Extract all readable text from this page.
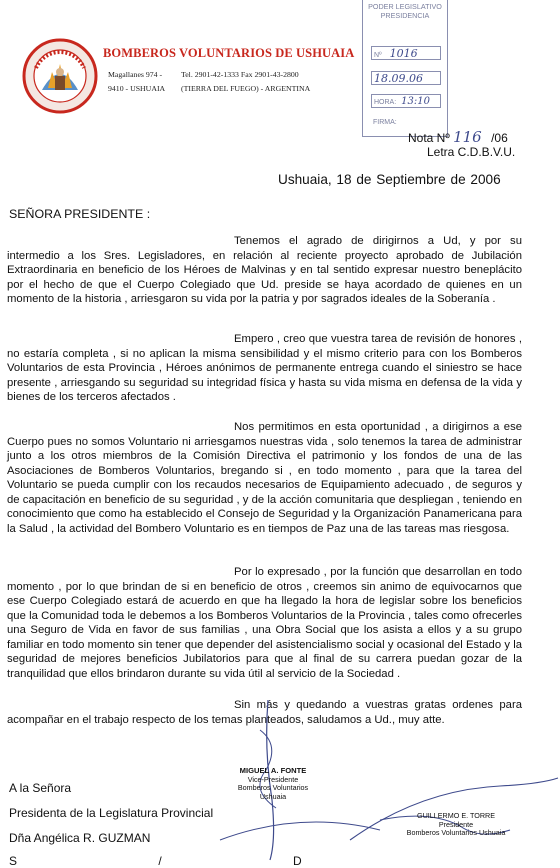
BOMBEROS VOLUNTARIOS DE USHUAIA
Magallanes 974 - Tel. 2901-42-1333 Fax 2901-43-2800
9410 - USHUAIA (TIERRA DEL FUEGO) - ARGENTINA
PODER LEGISLATIVO
PRESIDENCIA
Nº 1016
18.09.06
HORA: 13:10
FIRMA:
Nota Nº 116 /06
Letra C.D.B.V.U.
Ushuaia, 18 de Septiembre de 2006
SEÑORA PRESIDENTE :

Tenemos el agrado de dirigirnos a Ud, y por su intermedio a los Sres. Legisladores, en relación al reciente proyecto aprobado de Jubilación Extraordinaria en beneficio de los Héroes de Malvinas y en tal sentido expresar nuestro beneplácito por el hecho de que el Cuerpo Colegiado que Ud. preside se haya acordado de quienes en un momento de la historia , arriesgaron su vida por la patria y por sagrados ideales de la Soberanía .

Empero , creo que vuestra tarea de revisión de honores , no estaría completa , si no aplican la misma sensibilidad y el mismo criterio para con los Bomberos Voluntarios de esta Provincia , Héroes anónimos de permanente entrega cuando el siniestro se hace presente , arriesgando su seguridad su integridad física y hasta su vida misma en defensa de la vida y bienes de los terceros afectados .

Nos permitimos en esta oportunidad , a dirigirnos a ese Cuerpo pues no somos Voluntario ni arriesgamos nuestras vida , solo tenemos la tarea de administrar junto a los otros miembros de la Comisión Directiva el patrimonio y los fondos de una de las Asociaciones de Bomberos Voluntarios, bregando si , en todo momento , para que la tarea del Voluntario se pueda cumplir con los recaudos necesarios de Equipamiento adecuado , de seguros y de capacitación en beneficio de su seguridad , y de la acción comunitaria que despliegan , teniendo en conocimiento que como ha establecido el Consejo de Seguridad y la Organización Panamericana para la Salud , la actividad del Bombero Voluntario es en tiempos de Paz una de las tareas mas riesgosa.

Por lo expresado , por la función que desarrollan en todo momento , por lo que brindan de si en beneficio de otros , creemos sin animo de equivocarnos que ese Cuerpo Colegiado estará de acuerdo en que ha llegado la hora de legislar sobre los beneficios que la Comunidad toda le debemos a los Bomberos Voluntarios de la Provincia , tales como ofrecerles una Seguro de Vida en favor de sus familias , una Obra Social que los asista a ellos y a su grupo familiar en todo momento sin tener que depender del asistencialismo social y ocasional del Estado y la seguridad de mejores beneficios Jubilatorios para que al final de su carrera puedan gozar de la tranquilidad que ellos brindaron durante su vida útil al servicio de la Sociedad .

Sin más y quedando a vuestras gratas ordenes para acompañar en el trabajo respecto de los temas planteados, saludamos a Ud., muy atte.

MIGUEL A. FONTE
Vice-Presidente
Bomberos Voluntarios Ushuaia
GUILLERMO E. TORRE
Presidente
Bomberos Voluntarios Ushuaia
A la Señora
Presidenta de la Legislatura Provincial
Dña Angélica R. GUZMAN
S	/	D
